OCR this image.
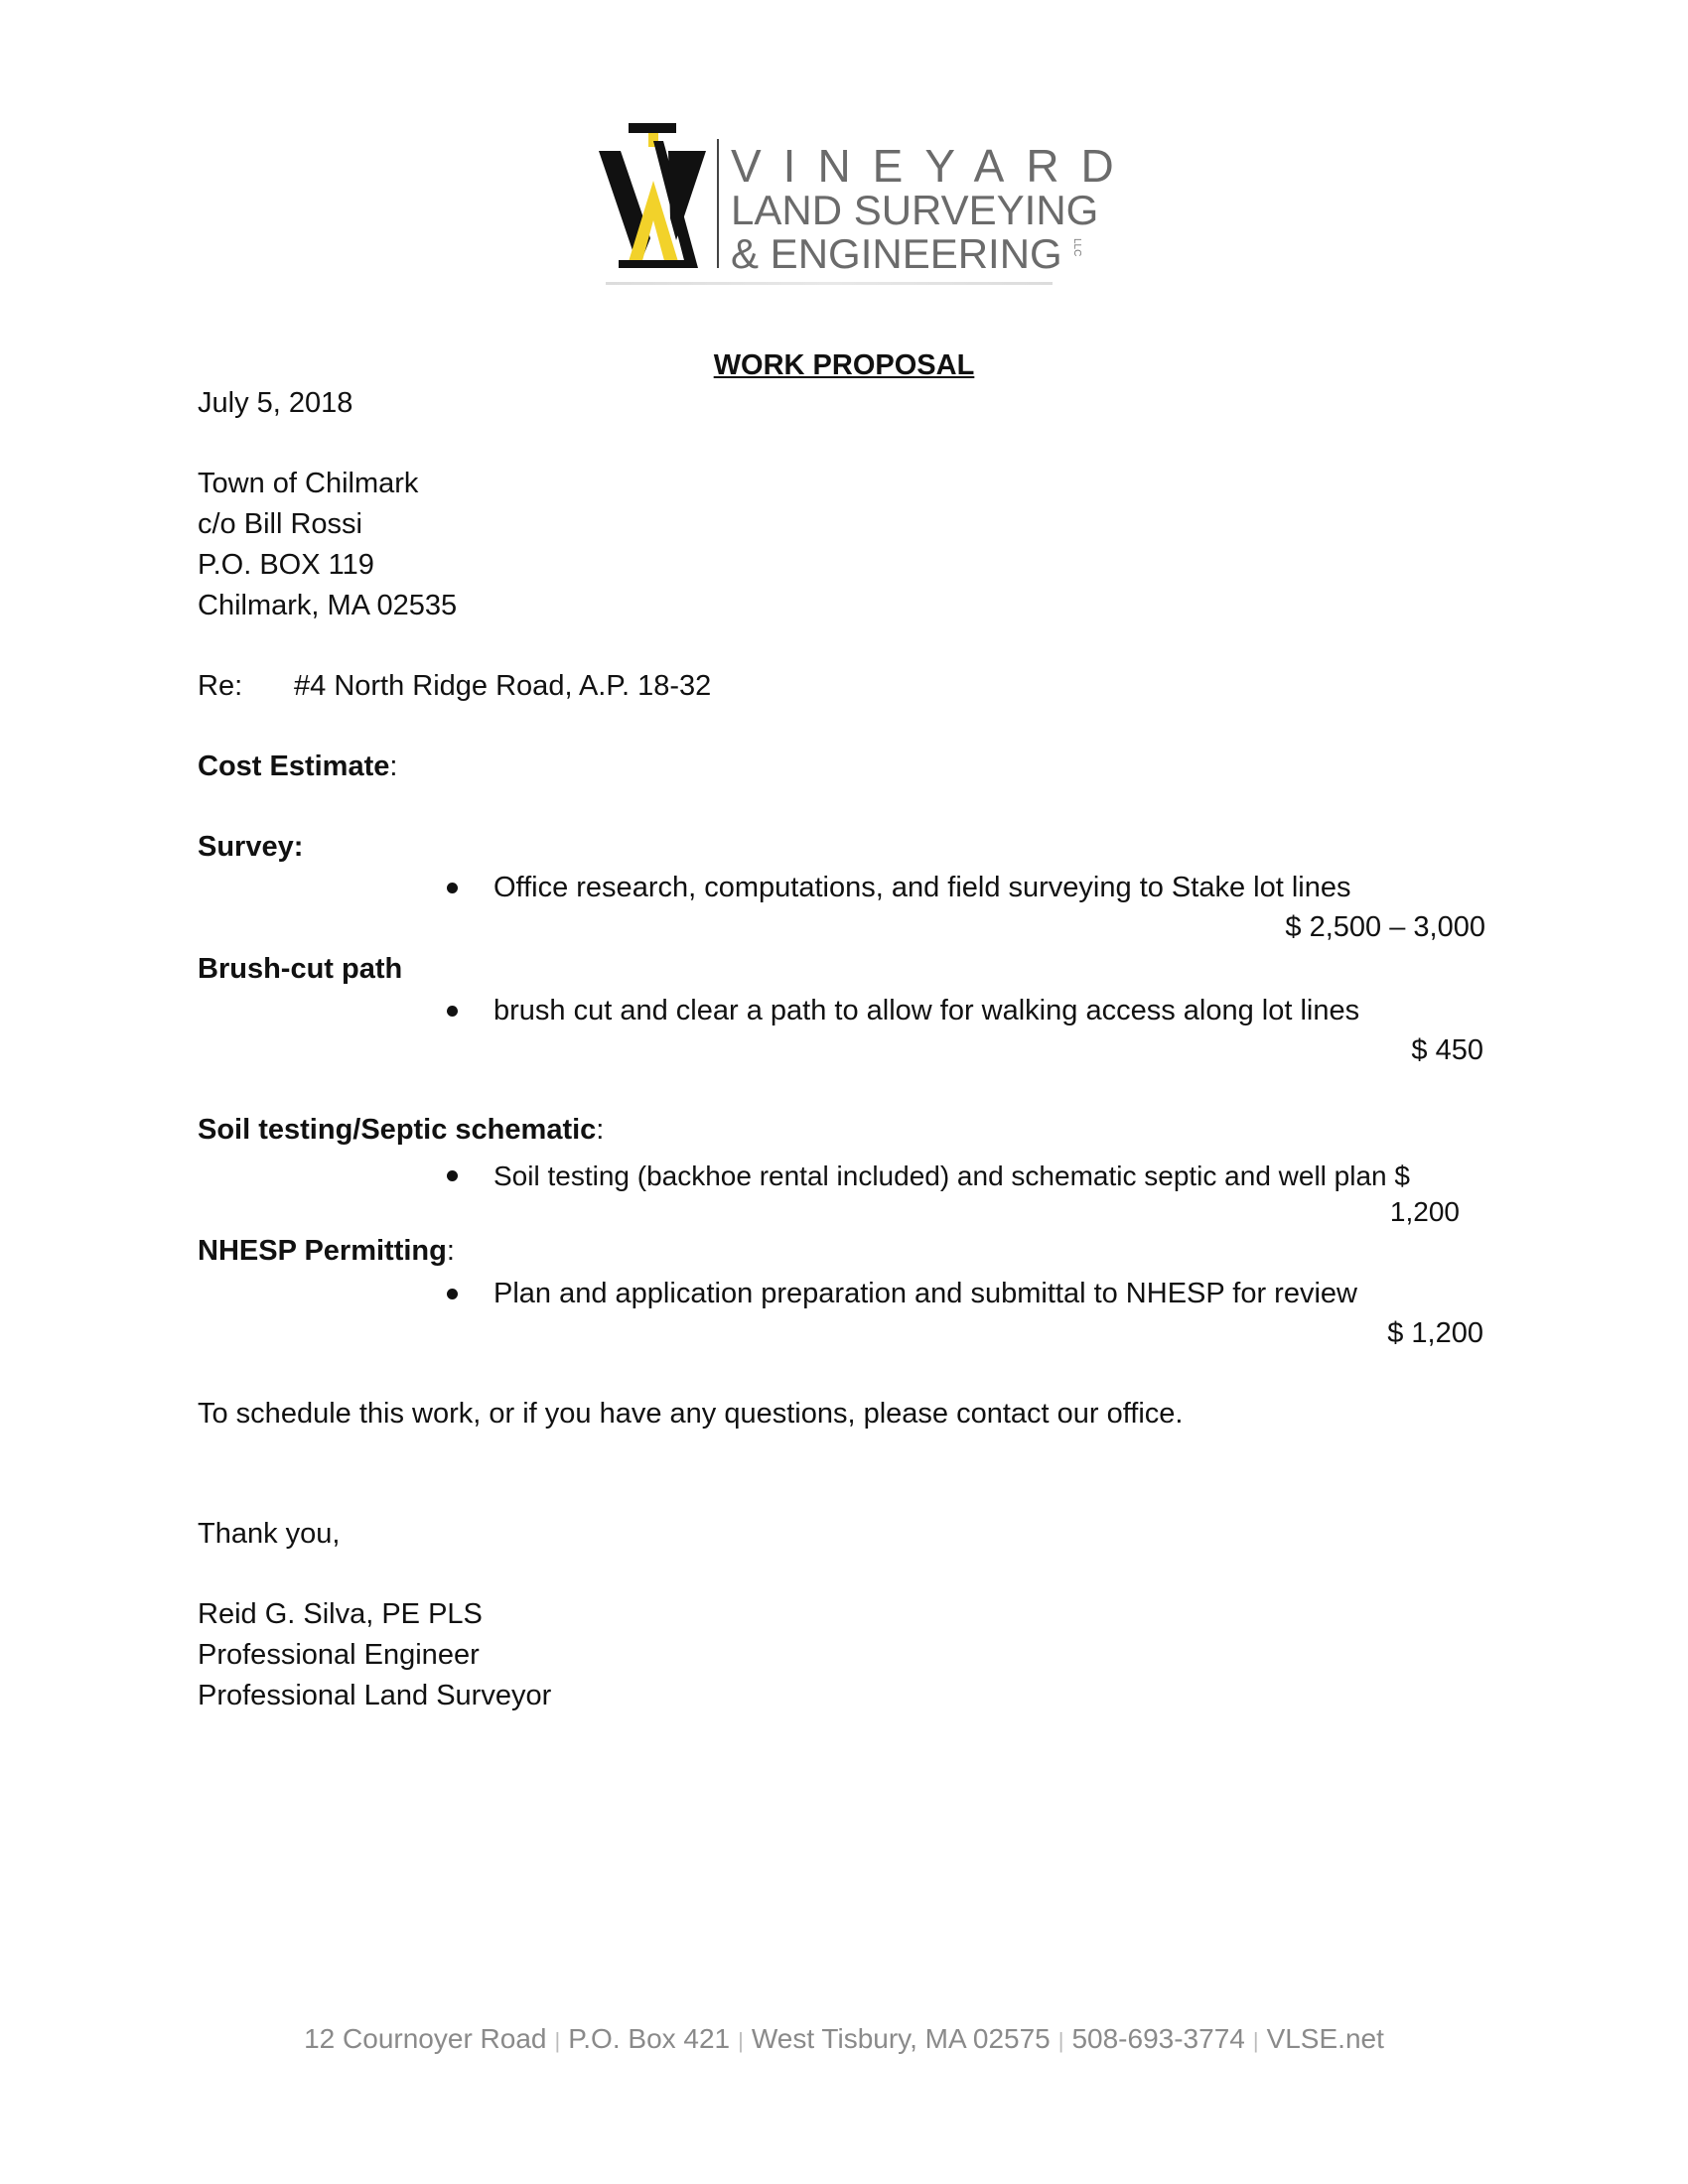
VINEYARD
LAND SURVEYING
& ENGINEERING LLC
WORK PROPOSAL
July 5, 2018
Town of Chilmark
c/o Bill Rossi
P.O. BOX 119
Chilmark, MA 02535
Re: #4 North Ridge Road, A.P. 18-32
Cost Estimate:
Survey:
Office research, computations, and field surveying to Stake lot lines
$ 2,500 – 3,000
Brush-cut path
brush cut and clear a path to allow for walking access along lot lines
$ 450
Soil testing/Septic schematic:
Soil testing (backhoe rental included) and schematic septic and well plan $
1,200
NHESP Permitting:
Plan and application preparation and submittal to NHESP for review
$ 1,200
To schedule this work, or if you have any questions, please contact our office.
Thank you,
Reid G. Silva, PE PLS
Professional Engineer
Professional Land Surveyor
12 Cournoyer Road | P.O. Box 421 | West Tisbury, MA 02575 | 508-693-3774 | VLSE.net
